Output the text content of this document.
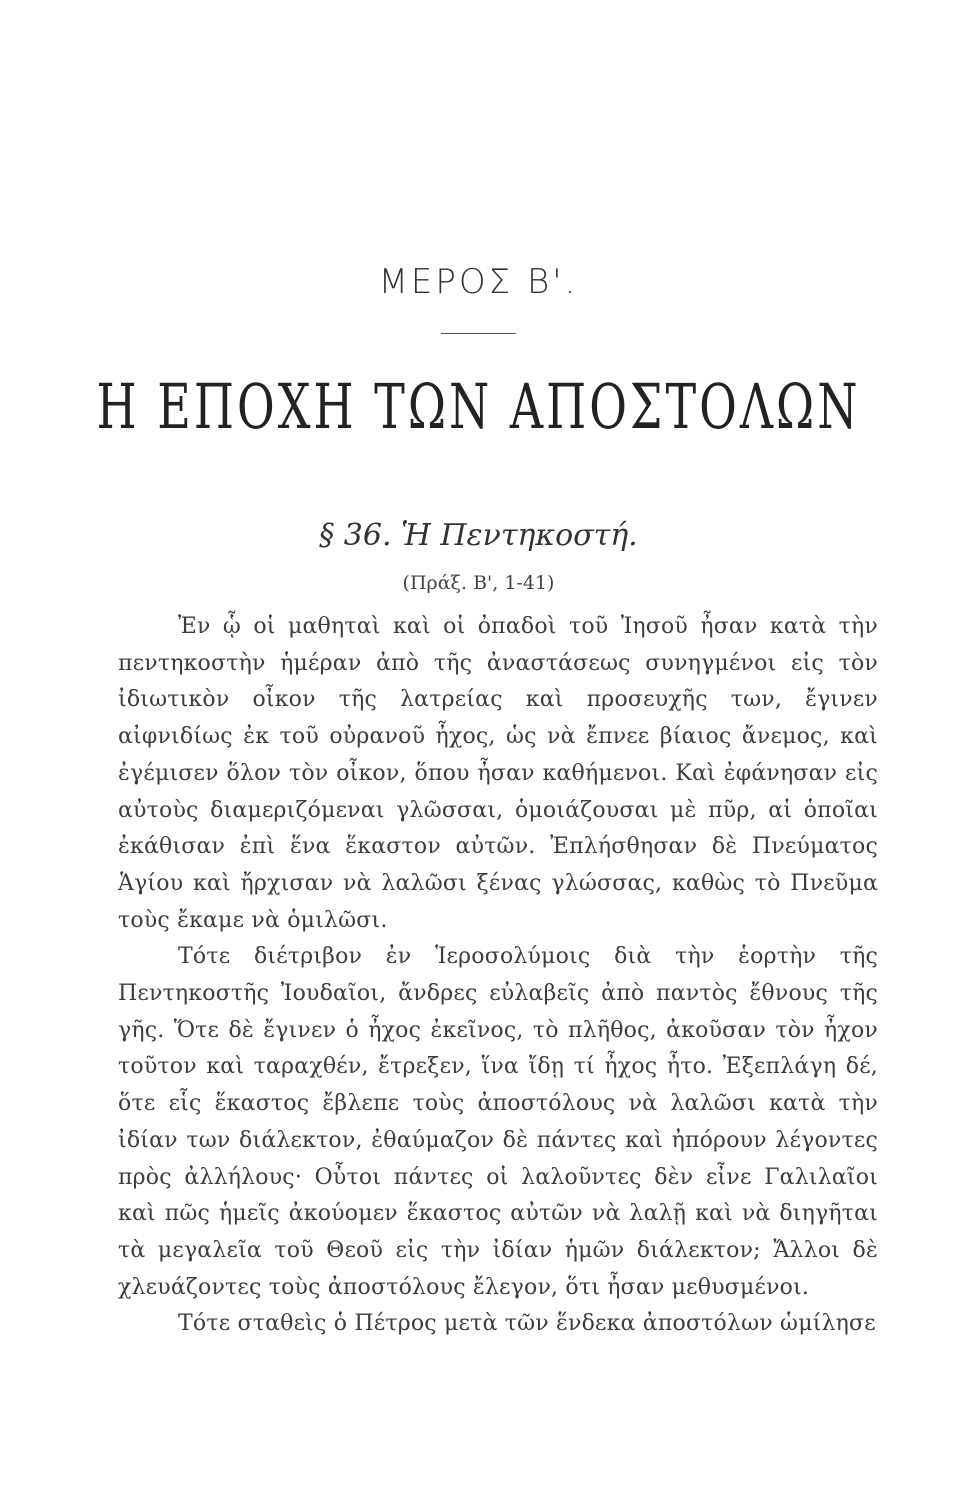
ΜΕΡΟΣ Β'.
Η ΕΠΟΧΗ ΤΩΝ ΑΠΟΣΤΟΛΩΝ
§ 36. Ἡ Πεντηκοστή.
(Πράξ. Β', 1-41)

Ἐν ᾧ οἱ μαθηταὶ καὶ οἱ ὀπαδοὶ τοῦ Ἰησοῦ ἦσαν κατὰ τὴν πεντηκοστὴν ἡμέραν ἀπὸ τῆς ἀναστάσεως συνηγμένοι εἰς τὸν ἰδιωτικὸν οἶκον τῆς λατρείας καὶ προσευχῆς των, ἔγινεν αἰφνιδίως ἐκ τοῦ οὐρανοῦ ἦχος, ὡς νὰ ἔπνεε βίαιος ἄνεμος, καὶ ἐγέμισεν ὅλον τὸν οἶκον, ὅπου ἦσαν καθήμενοι. Καὶ ἐφάνησαν εἰς αὐτοὺς διαμεριζόμεναι γλῶσσαι, ὁμοιάζουσαι μὲ πῦρ, αἱ ὁποῖαι ἐκάθισαν ἐπὶ ἕνα ἕκαστον αὐτῶν. Ἐπλήσθησαν δὲ Πνεύματος Ἁγίου καὶ ἤρχισαν νὰ λαλῶσι ξένας γλώσσας, καθὼς τὸ Πνεῦμα τοὺς ἔκαμε νὰ ὁμιλῶσι.

Τότε διέτριβον ἐν Ἱεροσολύμοις διὰ τὴν ἑορτὴν τῆς Πεντηκοστῆς Ἰουδαῖοι, ἄνδρες εὐλαβεῖς ἀπὸ παντὸς ἔθνους τῆς γῆς. Ὅτε δὲ ἔγινεν ὁ ἦχος ἐκεῖνος, τὸ πλῆθος, ἀκοῦσαν τὸν ἦχον τοῦτον καὶ ταραχθέν, ἔτρεξεν, ἵνα ἴδῃ τί ἦχος ἦτο. Ἐξεπλάγη δέ, ὅτε εἷς ἕκαστος ἔβλεπε τοὺς ἀποστόλους νὰ λαλῶσι κατὰ τὴν ἰδίαν των διάλεκτον, ἐθαύμαζον δὲ πάντες καὶ ἠπόρουν λέγοντες πρὸς ἀλλήλους· Οὗτοι πάντες οἱ λαλοῦντες δὲν εἶνε Γαλιλαῖοι καὶ πῶς ἡμεῖς ἀκούομεν ἕκαστος αὐτῶν νὰ λαλῇ καὶ νὰ διηγῆται τὰ μεγαλεῖα τοῦ Θεοῦ εἰς τὴν ἰδίαν ἡμῶν διάλεκτον; Ἄλλοι δὲ χλευάζοντες τοὺς ἀποστόλους ἔλεγον, ὅτι ἦσαν μεθυσμένοι.

Τότε σταθεὶς ὁ Πέτρος μετὰ τῶν ἕνδεκα ἀποστόλων ὡμίλησε
